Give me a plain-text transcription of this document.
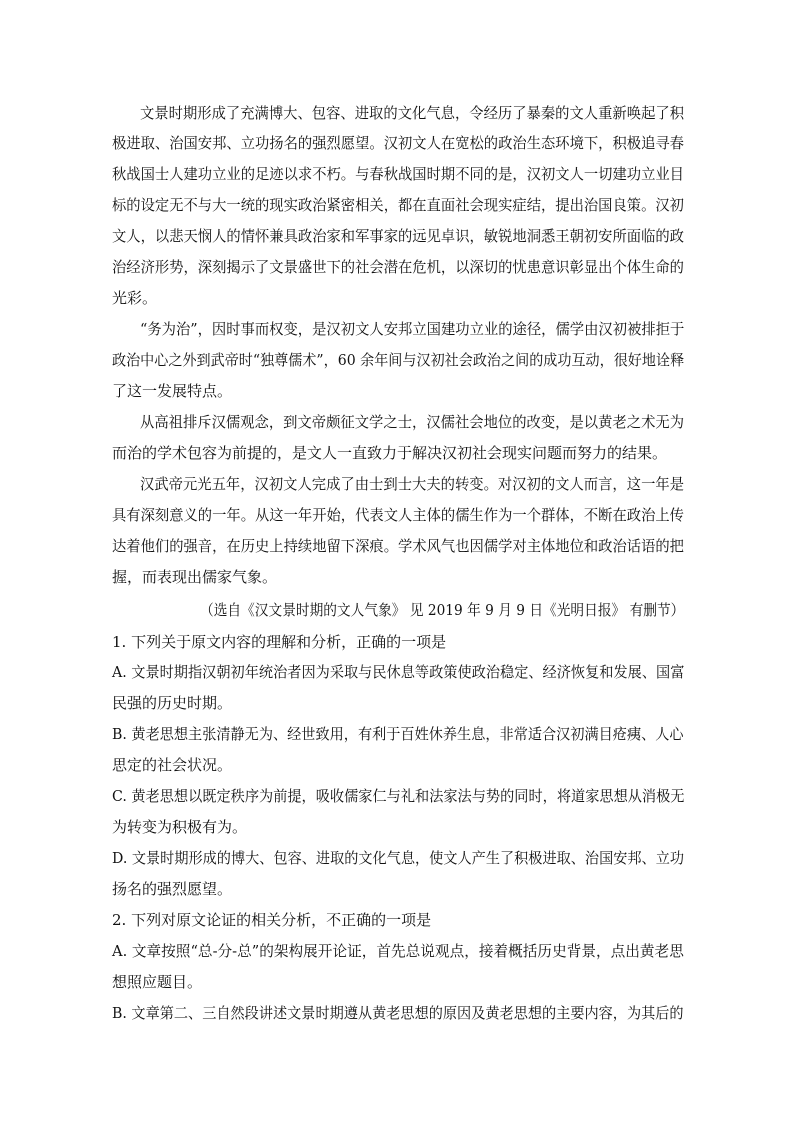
文景时期形成了充满博大、包容、进取的文化气息，令经历了暴秦的文人重新唤起了积
极进取、治国安邦、立功扬名的强烈愿望。汉初文人在宽松的政治生态环境下，积极追寻春
秋战国士人建功立业的足迹以求不朽。与春秋战国时期不同的是，汉初文人一切建功立业目
标的设定无不与大一统的现实政治紧密相关，都在直面社会现实症结，提出治国良策。汉初
文人，以悲天悯人的情怀兼具政治家和军事家的远见卓识，敏锐地洞悉王朝初安所面临的政
治经济形势，深刻揭示了文景盛世下的社会潜在危机，以深切的忧患意识彰显出个体生命的
光彩。
“务为治”，因时事而权变，是汉初文人安邦立国建功立业的途径，儒学由汉初被排拒于
政治中心之外到武帝时“独尊儒术”，60 余年间与汉初社会政治之间的成功互动，很好地诠释
了这一发展特点。
从高祖排斥汉儒观念，到文帝颇征文学之士，汉儒社会地位的改变，是以黄老之术无为
而治的学术包容为前提的，是文人一直致力于解决汉初社会现实问题而努力的结果。
汉武帝元光五年，汉初文人完成了由士到士大夫的转变。对汉初的文人而言，这一年是
具有深刻意义的一年。从这一年开始，代表文人主体的儒生作为一个群体，不断在政治上传
达着他们的强音，在历史上持续地留下深痕。学术风气也因儒学对主体地位和政治话语的把
握，而表现出儒家气象。
（选自《汉文景时期的文人气象》 见 2019 年 9 月 9 日《光明日报》 有删节）
1. 下列关于原文内容的理解和分析，正确的一项是
A. 文景时期指汉朝初年统治者因为采取与民休息等政策使政治稳定、经济恢复和发展、国富
民强的历史时期。
B. 黄老思想主张清静无为、经世致用，有利于百姓休养生息，非常适合汉初满目疮痍、人心
思定的社会状况。
C. 黄老思想以既定秩序为前提，吸收儒家仁与礼和法家法与势的同时，将道家思想从消极无
为转变为积极有为。
D. 文景时期形成的博大、包容、进取的文化气息，使文人产生了积极进取、治国安邦、立功
扬名的强烈愿望。
2. 下列对原文论证的相关分析，不正确的一项是
A. 文章按照“总-分-总”的架构展开论证，首先总说观点，接着概括历史背景，点出黄老思
想照应题目。
B. 文章第二、三自然段讲述文景时期遵从黄老思想的原因及黄老思想的主要内容，为其后的
